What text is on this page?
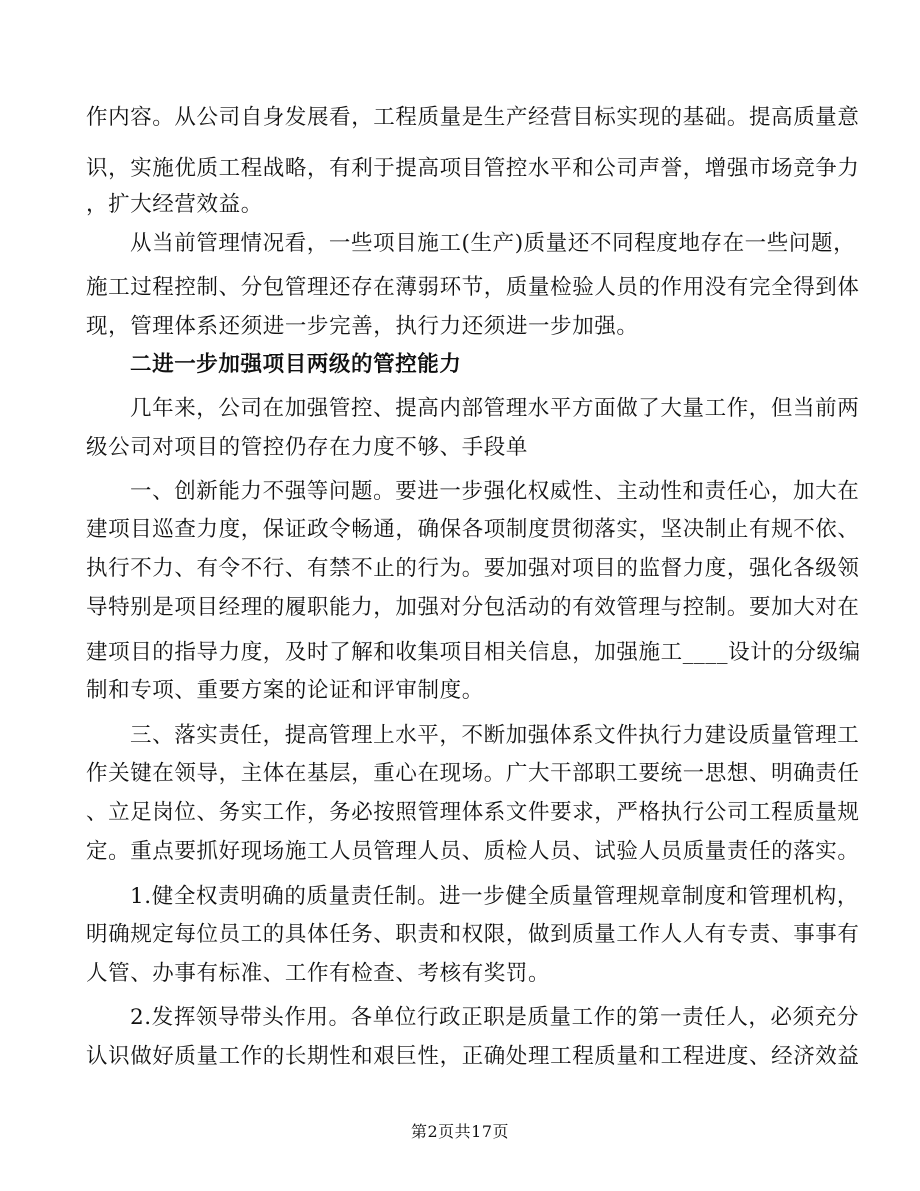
作内容。从公司自身发展看，工程质量是生产经营目标实现的基础。提高质量意
识，实施优质工程战略，有利于提高项目管控水平和公司声誉，增强市场竞争力
，扩大经营效益。
从当前管理情况看，一些项目施工(生产)质量还不同程度地存在一些问题，
施工过程控制、分包管理还存在薄弱环节，质量检验人员的作用没有完全得到体
现，管理体系还须进一步完善，执行力还须进一步加强。
二进一步加强项目两级的管控能力
几年来，公司在加强管控、提高内部管理水平方面做了大量工作，但当前两
级公司对项目的管控仍存在力度不够、手段单
一、创新能力不强等问题。要进一步强化权威性、主动性和责任心，加大在
建项目巡查力度，保证政令畅通，确保各项制度贯彻落实，坚决制止有规不依、
执行不力、有令不行、有禁不止的行为。要加强对项目的监督力度，强化各级领
导特别是项目经理的履职能力，加强对分包活动的有效管理与控制。要加大对在
建项目的指导力度，及时了解和收集项目相关信息，加强施工____设计的分级编
制和专项、重要方案的论证和评审制度。
三、落实责任，提高管理上水平，不断加强体系文件执行力建设质量管理工
作关键在领导，主体在基层，重心在现场。广大干部职工要统一思想、明确责任
、立足岗位、务实工作，务必按照管理体系文件要求，严格执行公司工程质量规
定。重点要抓好现场施工人员管理人员、质检人员、试验人员质量责任的落实。
1.健全权责明确的质量责任制。进一步健全质量管理规章制度和管理机构，
明确规定每位员工的具体任务、职责和权限，做到质量工作人人有专责、事事有
人管、办事有标准、工作有检查、考核有奖罚。
2.发挥领导带头作用。各单位行政正职是质量工作的第一责任人，必须充分
认识做好质量工作的长期性和艰巨性，正确处理工程质量和工程进度、经济效益
第2页共17页
